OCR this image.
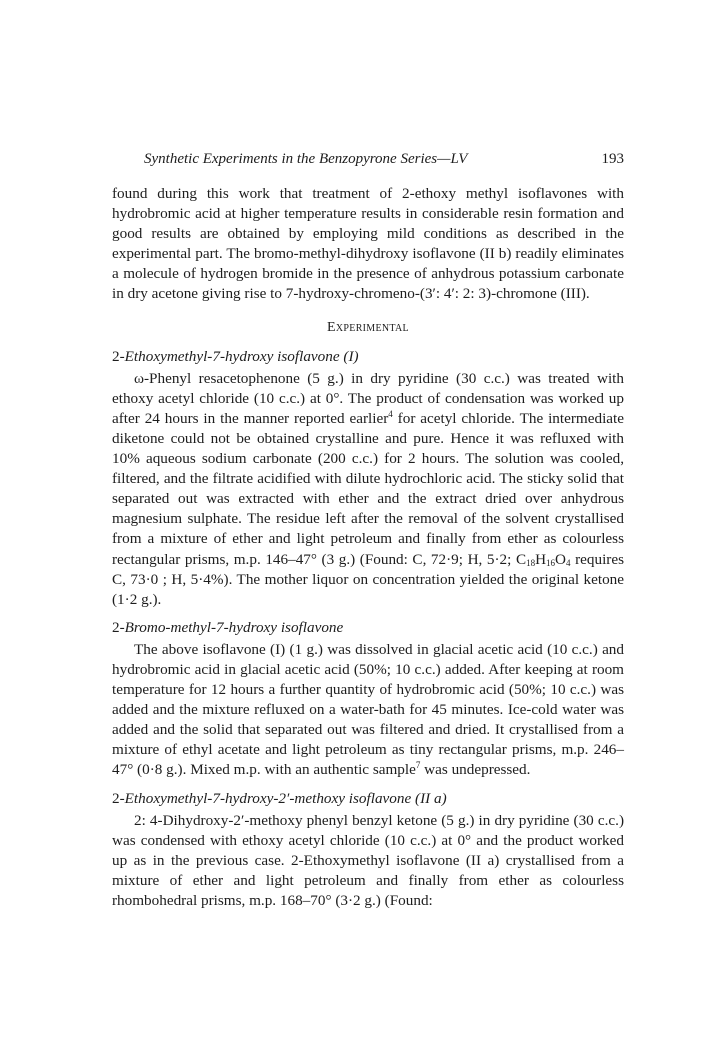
Synthetic Experiments in the Benzopyrone Series—LV	193

found during this work that treatment of 2-ethoxy methyl isoflavones with hydrobromic acid at higher temperature results in considerable resin formation and good results are obtained by employing mild conditions as described in the experimental part. The bromo-methyl-dihydroxy isoflavone (II b) readily eliminates a molecule of hydrogen bromide in the presence of anhydrous potassium carbonate in dry acetone giving rise to 7-hydroxy-chromeno-(3′: 4′: 2: 3)-chromone (III).

Experimental
2-Ethoxymethyl-7-hydroxy isoflavone (I)

ω-Phenyl resacetophenone (5 g.) in dry pyridine (30 c.c.) was treated with ethoxy acetyl chloride (10 c.c.) at 0°. The product of condensation was worked up after 24 hours in the manner reported earlier$^4$ for acetyl chloride. The intermediate diketone could not be obtained crystalline and pure. Hence it was refluxed with 10% aqueous sodium carbonate (200 c.c.) for 2 hours. The solution was cooled, filtered, and the filtrate acidified with dilute hydrochloric acid. The sticky solid that separated out was extracted with ether and the extract dried over anhydrous magnesium sulphate. The residue left after the removal of the solvent crystallised from a mixture of ether and light petroleum and finally from ether as colourless rectangular prisms, m.p. 146–47° (3 g.) (Found: C, 72·9; H, 5·2; $C_{18}H_{16}O_4$ requires C, 73·0 ; H, 5·4%). The mother liquor on concentration yielded the original ketone (1·2 g.).

2-Bromo-methyl-7-hydroxy isoflavone

The above isoflavone (I) (1 g.) was dissolved in glacial acetic acid (10 c.c.) and hydrobromic acid in glacial acetic acid (50%; 10 c.c.) added. After keeping at room temperature for 12 hours a further quantity of hydrobromic acid (50%; 10 c.c.) was added and the mixture refluxed on a water-bath for 45 minutes. Ice-cold water was added and the solid that separated out was filtered and dried. It crystallised from a mixture of ethyl acetate and light petroleum as tiny rectangular prisms, m.p. 246–47° (0·8 g.). Mixed m.p. with an authentic sample$^7$ was undepressed.

2-Ethoxymethyl-7-hydroxy-2′-methoxy isoflavone (II a)

2: 4-Dihydroxy-2′-methoxy phenyl benzyl ketone (5 g.) in dry pyridine (30 c.c.) was condensed with ethoxy acetyl chloride (10 c.c.) at 0° and the product worked up as in the previous case. 2-Ethoxymethyl isoflavone (II a) crystallised from a mixture of ether and light petroleum and finally from ether as colourless rhombohedral prisms, m.p. 168–70° (3·2 g.) (Found:
